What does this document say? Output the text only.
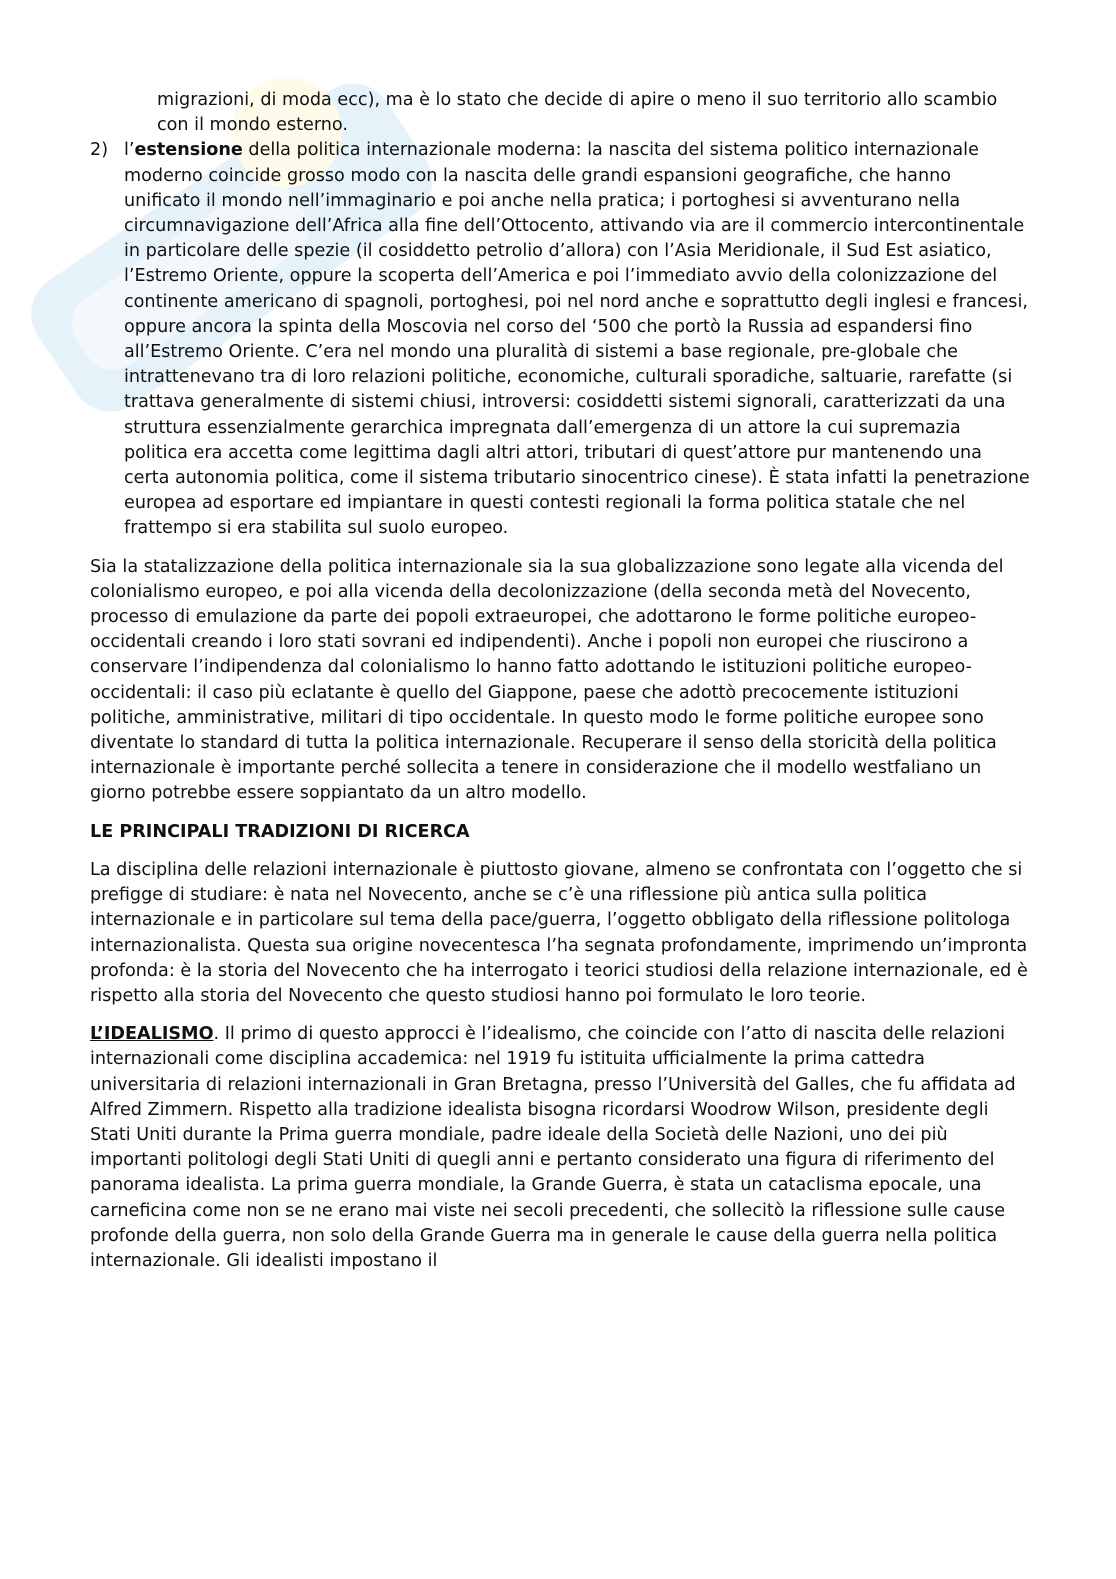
migrazioni, di moda ecc), ma è lo stato che decide di apire o meno il suo territorio allo scambio con il mondo esterno.

2) l’estensione della politica internazionale moderna: la nascita del sistema politico internazionale moderno coincide grosso modo con la nascita delle grandi espansioni geografiche, che hanno unificato il mondo nell’immaginario e poi anche nella pratica; i portoghesi si avventurano nella circumnavigazione dell’Africa alla fine dell’Ottocento, attivando via are il commercio intercontinentale in particolare delle spezie (il cosiddetto petrolio d’allora) con l’Asia Meridionale, il Sud Est asiatico, l’Estremo Oriente, oppure la scoperta dell’America e poi l’immediato avvio della colonizzazione del continente americano di spagnoli, portoghesi, poi nel nord anche e soprattutto degli inglesi e francesi, oppure ancora la spinta della Moscovia nel corso del ‘500 che portò la Russia ad espandersi fino all’Estremo Oriente. C’era nel mondo una pluralità di sistemi a base regionale, pre-globale che intrattenevano tra di loro relazioni politiche, economiche, culturali sporadiche, saltuarie, rarefatte (si trattava generalmente di sistemi chiusi, introversi: cosiddetti sistemi signorali, caratterizzati da una struttura essenzialmente gerarchica impregnata dall’emergenza di un attore la cui supremazia politica era accetta come legittima dagli altri attori, tributari di quest’attore pur mantenendo una certa autonomia politica, come il sistema tributario sinocentrico cinese). È stata infatti la penetrazione europea ad esportare ed impiantare in questi contesti regionali la forma politica statale che nel frattempo si era stabilita sul suolo europeo.

Sia la statalizzazione della politica internazionale sia la sua globalizzazione sono legate alla vicenda del colonialismo europeo, e poi alla vicenda della decolonizzazione (della seconda metà del Novecento, processo di emulazione da parte dei popoli extraeuropei, che adottarono le forme politiche europeo-occidentali creando i loro stati sovrani ed indipendenti). Anche i popoli non europei che riuscirono a conservare l’indipendenza dal colonialismo lo hanno fatto adottando le istituzioni politiche europeo-occidentali: il caso più eclatante è quello del Giappone, paese che adottò precocemente istituzioni politiche, amministrative, militari di tipo occidentale. In questo modo le forme politiche europee sono diventate lo standard di tutta la politica internazionale. Recuperare il senso della storicità della politica internazionale è importante perché sollecita a tenere in considerazione che il modello westfaliano un giorno potrebbe essere soppiantato da un altro modello.

LE PRINCIPALI TRADIZIONI DI RICERCA

La disciplina delle relazioni internazionale è piuttosto giovane, almeno se confrontata con l’oggetto che si prefigge di studiare: è nata nel Novecento, anche se c’è una riflessione più antica sulla politica internazionale e in particolare sul tema della pace/guerra, l’oggetto obbligato della riflessione politologa internazionalista. Questa sua origine novecentesca l’ha segnata profondamente, imprimendo un’impronta profonda: è la storia del Novecento che ha interrogato i teorici studiosi della relazione internazionale, ed è rispetto alla storia del Novecento che questo studiosi hanno poi formulato le loro teorie.

L’IDEALISMO. Il primo di questo approcci è l’idealismo, che coincide con l’atto di nascita delle relazioni internazionali come disciplina accademica: nel 1919 fu istituita ufficialmente la prima cattedra universitaria di relazioni internazionali in Gran Bretagna, presso l’Università del Galles, che fu affidata ad Alfred Zimmern. Rispetto alla tradizione idealista bisogna ricordarsi Woodrow Wilson, presidente degli Stati Uniti durante la Prima guerra mondiale, padre ideale della Società delle Nazioni, uno dei più importanti politologi degli Stati Uniti di quegli anni e pertanto considerato una figura di riferimento del panorama idealista. La prima guerra mondiale, la Grande Guerra, è stata un cataclisma epocale, una carneficina come non se ne erano mai viste nei secoli precedenti, che sollecitò la riflessione sulle cause profonde della guerra, non solo della Grande Guerra ma in generale le cause della guerra nella politica internazionale. Gli idealisti impostano il
